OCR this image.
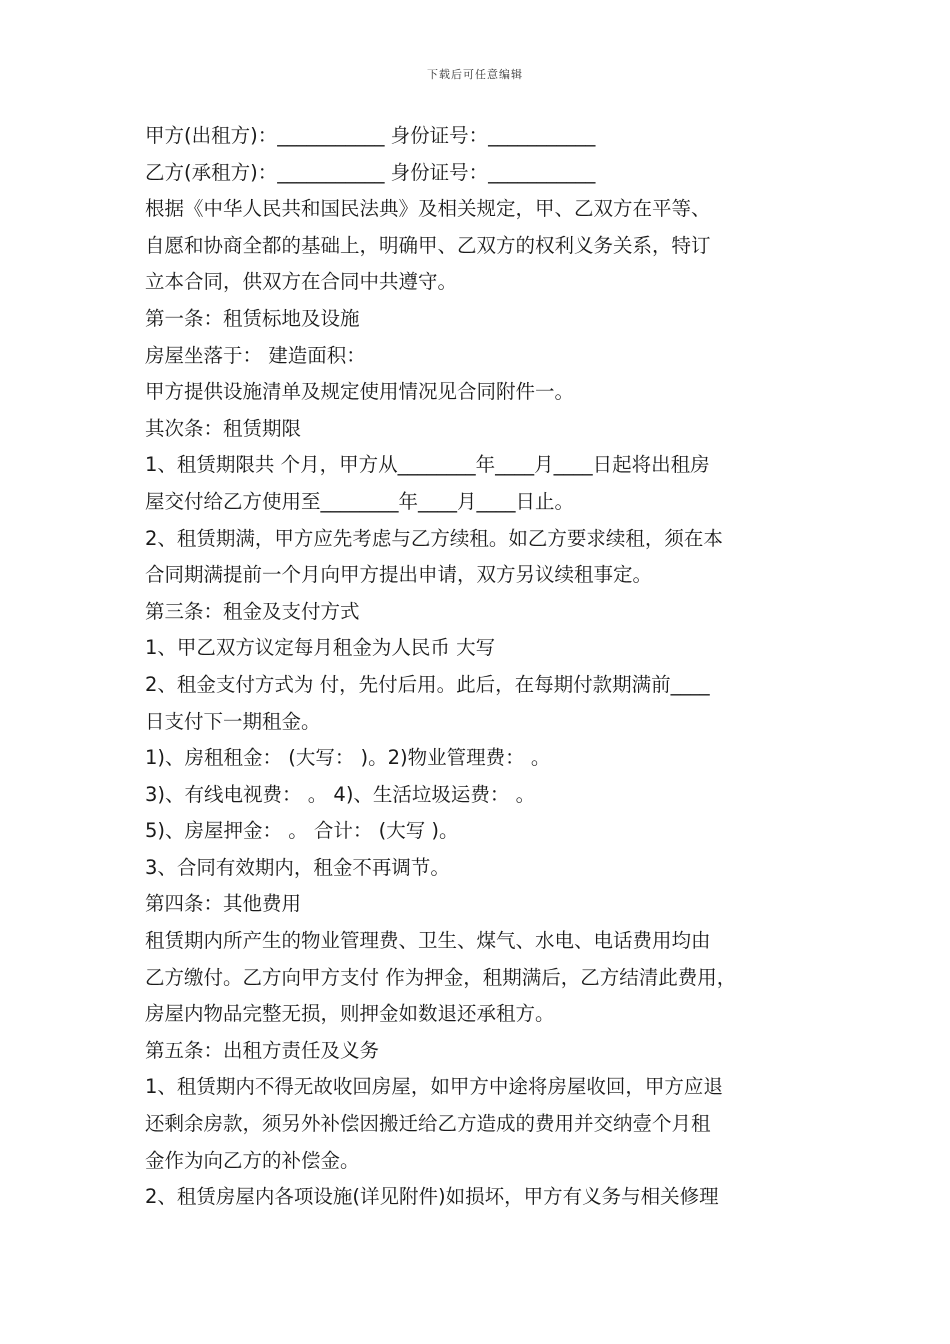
下载后可任意编辑
甲方(出租方)：___________ 身份证号：___________
乙方(承租方)：___________ 身份证号：___________
根据《中华人民共和国民法典》及相关规定，甲、乙双方在平等、
自愿和协商全都的基础上，明确甲、乙双方的权利义务关系，特订
立本合同，供双方在合同中共遵守。
第一条：租赁标地及设施
房屋坐落于： 建造面积：
甲方提供设施清单及规定使用情况见合同附件一。
其次条：租赁期限
1、租赁期限共 个月，甲方从________年____月____日起将出租房
屋交付给乙方使用至________年____月____日止。
2、租赁期满，甲方应先考虑与乙方续租。如乙方要求续租，须在本
合同期满提前一个月向甲方提出申请，双方另议续租事定。
第三条：租金及支付方式
1、甲乙双方议定每月租金为人民币 大写
2、租金支付方式为 付，先付后用。此后，在每期付款期满前____
日支付下一期租金。
1)、房租租金： (大写： )。2)物业管理费： 。
3)、有线电视费： 。 4)、生活垃圾运费： 。
5)、房屋押金： 。 合计： (大写 )。
3、合同有效期内，租金不再调节。
第四条：其他费用
租赁期内所产生的物业管理费、卫生、煤气、水电、电话费用均由
乙方缴付。乙方向甲方支付 作为押金，租期满后，乙方结清此费用，
房屋内物品完整无损，则押金如数退还承租方。
第五条：出租方责任及义务
1、租赁期内不得无故收回房屋，如甲方中途将房屋收回，甲方应退
还剩余房款，须另外补偿因搬迁给乙方造成的费用并交纳壹个月租
金作为向乙方的补偿金。
2、租赁房屋内各项设施(详见附件)如损坏，甲方有义务与相关修理
